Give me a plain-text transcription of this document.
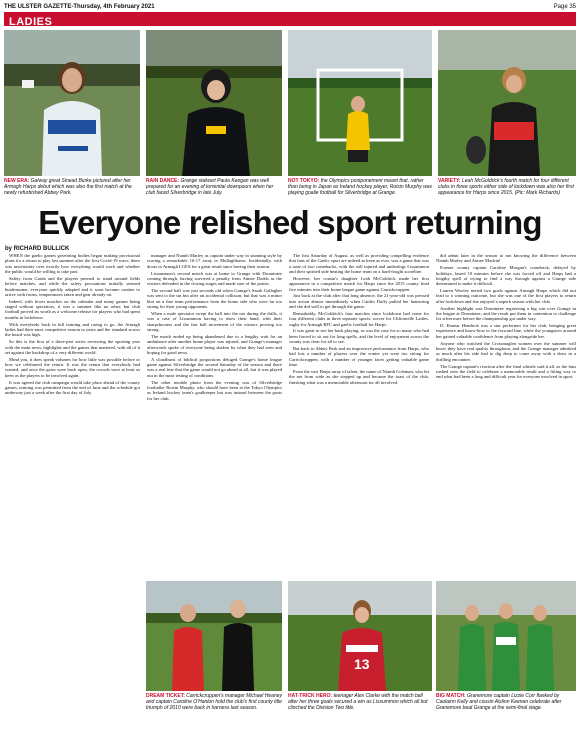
THE ULSTER GAZETTE-Thursday, 4th February 2021	Page 35
LADIES
NEW ERA: Galway great Sinead Burke pictured after her Armagh Harps debut which was also the first match at the newly refurbished Abbey Park.
RAIN DANCE: Grange stalwart Paula Keegan was well prepared for an evening of torrential downpours when her club faced Silverbridge in late July.
NOT TOKYO: the Olympics postponement meant that, rather than being in Japan as Ireland hockey player, Roisin Murphy was playing goalie football for Silverbridge at Grange.
VARIETY: Leah McGoldrick's fourth match for four different clubs in three sports either side of lockdown was also her first appearance for Harps since 2015. (Pic: Mark Richards)
Everyone relished sport returning
by RICHARD BULLICK

WHEN the gaelic games governing bodies began making provisional plans for a return to play last summer after the first Covid-19 wave, there was uncertainty over exactly how everything would work and whether the public would be willing to take part.

Safety from Garda and the players pressed to stand around fields before matches, and while the safety precautions initially seemed burdensome, everyone quickly adapted and it soon became routine to arrive with forms, temperatures taken and gear already on.

Indeed, with fewer matches on the calendar and many games being staged without spectators, it was a summer like no other, but club football proved its worth as a welcome release for players who had spent months in lockdown.

With everybody back in full training and raring to go, the Armagh ladies had their most competitive season in years and the standard across the board was high.

So this is the first of a three-part series reviewing the sporting year with the main news, highlights and the games that mattered, with all of it set against the backdrop of a very different world.

Mind you, it does speak volumes for how little was possible before or how we celebrated the return. It was the return that everybody had wanted, and once the gates were back open, the crowds were at least as keen as the players to be involved again.

It was agreed the club campaign would take place ahead of the county games, training was permitted from the end of June and the schedule got underway just a week after the first day of July.

manager and Niamh Marley as captain under way in stunning style by scoring a remarkable 16-17 away to Mullaghbawn. Incidentally, with doors to Armagh LGFA for a great result since having their season.

Lissummon's second match was at home to Grange with Dromintee coming through, having survived a penalty from Aimee Dodds as the visitors defended in the closing stages and made sure of the points.

The second half was just seconds old when Grange's Sarah Gallagher was sent to the sin bin after an accidental collision, but that was a minor blot on a fine team performance from the home side who were far too strong for their young opponents.

When a male spectator swept the ball into the net during the drills, it was a case of Lissummon having to show their hand, with their sharpshooters and the fast ball movement of the visitors proving too strong.

The match ended up being abandoned due to a lengthy wait for an ambulance after another home player was injured, and Grange's manager afterwards spoke of everyone being shaken by what they had seen and hoping for good news.

A cloudburst of biblical proportions deluged Grange's home league game against Silverbridge the second Saturday of the season and there was a real fear that the game would not go ahead at all, but it was played out in the most testing of conditions.

The other notable photo from the evening was of Silverbridge footballer Roisin Murphy, who should have been at the Tokyo Olympics as Ireland hockey team's goalkeeper but was instead between the posts for her club.

The first Saturday of August, as well as providing compelling evidence that fans of the Gaelic sport are indeed as keen as ever, was a game that was a taste of two comebacks, with the still injured and underdogs Lissummon and their spirited side beating the home team on a hard-fought scoreline.

However, her cousin's daughter Leah McGoldrick made her first appearance in a competitive match for Harps since the 2015 county final five minutes into their home league game against Carrickcruppen.

Just back at the club after that long absence, the 21-year-old was pressed into action almost immediately when Caitlin Duffy pulled her hamstring and she did well to get through the game.

Remarkably, McGoldrick's four matches since lockdown had come for four different clubs in three separate sports: soccer for Cliftonville Ladies, rugby for Armagh RFC and gaelic football for Harps.

It was great to see her back playing, as was the case for so many who had been forced to sit out for long spells, and the level of enjoyment across the county was clear for all to see.

But back to Abbey Park and an impressive performance from Harps, who had lost a number of players over the winter yet were too strong for Carrickcruppen, with a number of younger faces getting valuable game time.

From the vast Harps array of talent, the name of Niamh Coleman, who hit the net from wide as she stepped up and became the toast of the club, finishing what was a memorable afternoon for all involved.

did admit later in the season to not knowing the difference between Niamh Marley and Aimee Mackin!

Former county captain Caroline Morgan's comeback, delayed by holidays, lasted 10 minutes before she was forced off and Harps had a lengthy spell of trying to find a way through against a Grange side determined to make it difficult.

Lauren Wooley netted two goals against Armagh Harps which did not lead to a winning outcome, but she was one of the first players to return after lockdown and she enjoyed a superb season with her club.

Another highlight was Dromintee registering a big win over Grange in the league at Dromintee, and the result put them in contention to challenge for silverware before the championship got under way.

D. Eimear Hendrick was a star performer for her club, bringing great experience and know-how to the forward line, while the youngsters around her gained valuable confidence from playing alongside her.

Anyone who watched the Crossmaglen women over the summer will know they have real quality throughout, and the Grange manager admitted as much after his side had to dig deep to come away with a draw in a thrilling encounter.

The Grange captain's reaction after the final whistle said it all, as the fans rushed onto the field to celebrate a memorable result and a fitting way to end what had been a long and difficult year for everyone involved in sport.

13
DREAM TICKET: Carrickcruppen's manager Michael Heaney and captain Caroline O'Hanlon hold the club's first county title triumph of 2010 were back in harness last season.
HAT-TRICK HERO: teenager Alex Clarke with the match ball after her three goals secured a win as Lissummon which all but clinched the Division Two title.
BIG MATCH: Granemore captain Lizzie Corr flanked by Caolainn Kelly and cousin Aislinn Keenan celebrate after Granemore beat Grange at the semi-final stage.
